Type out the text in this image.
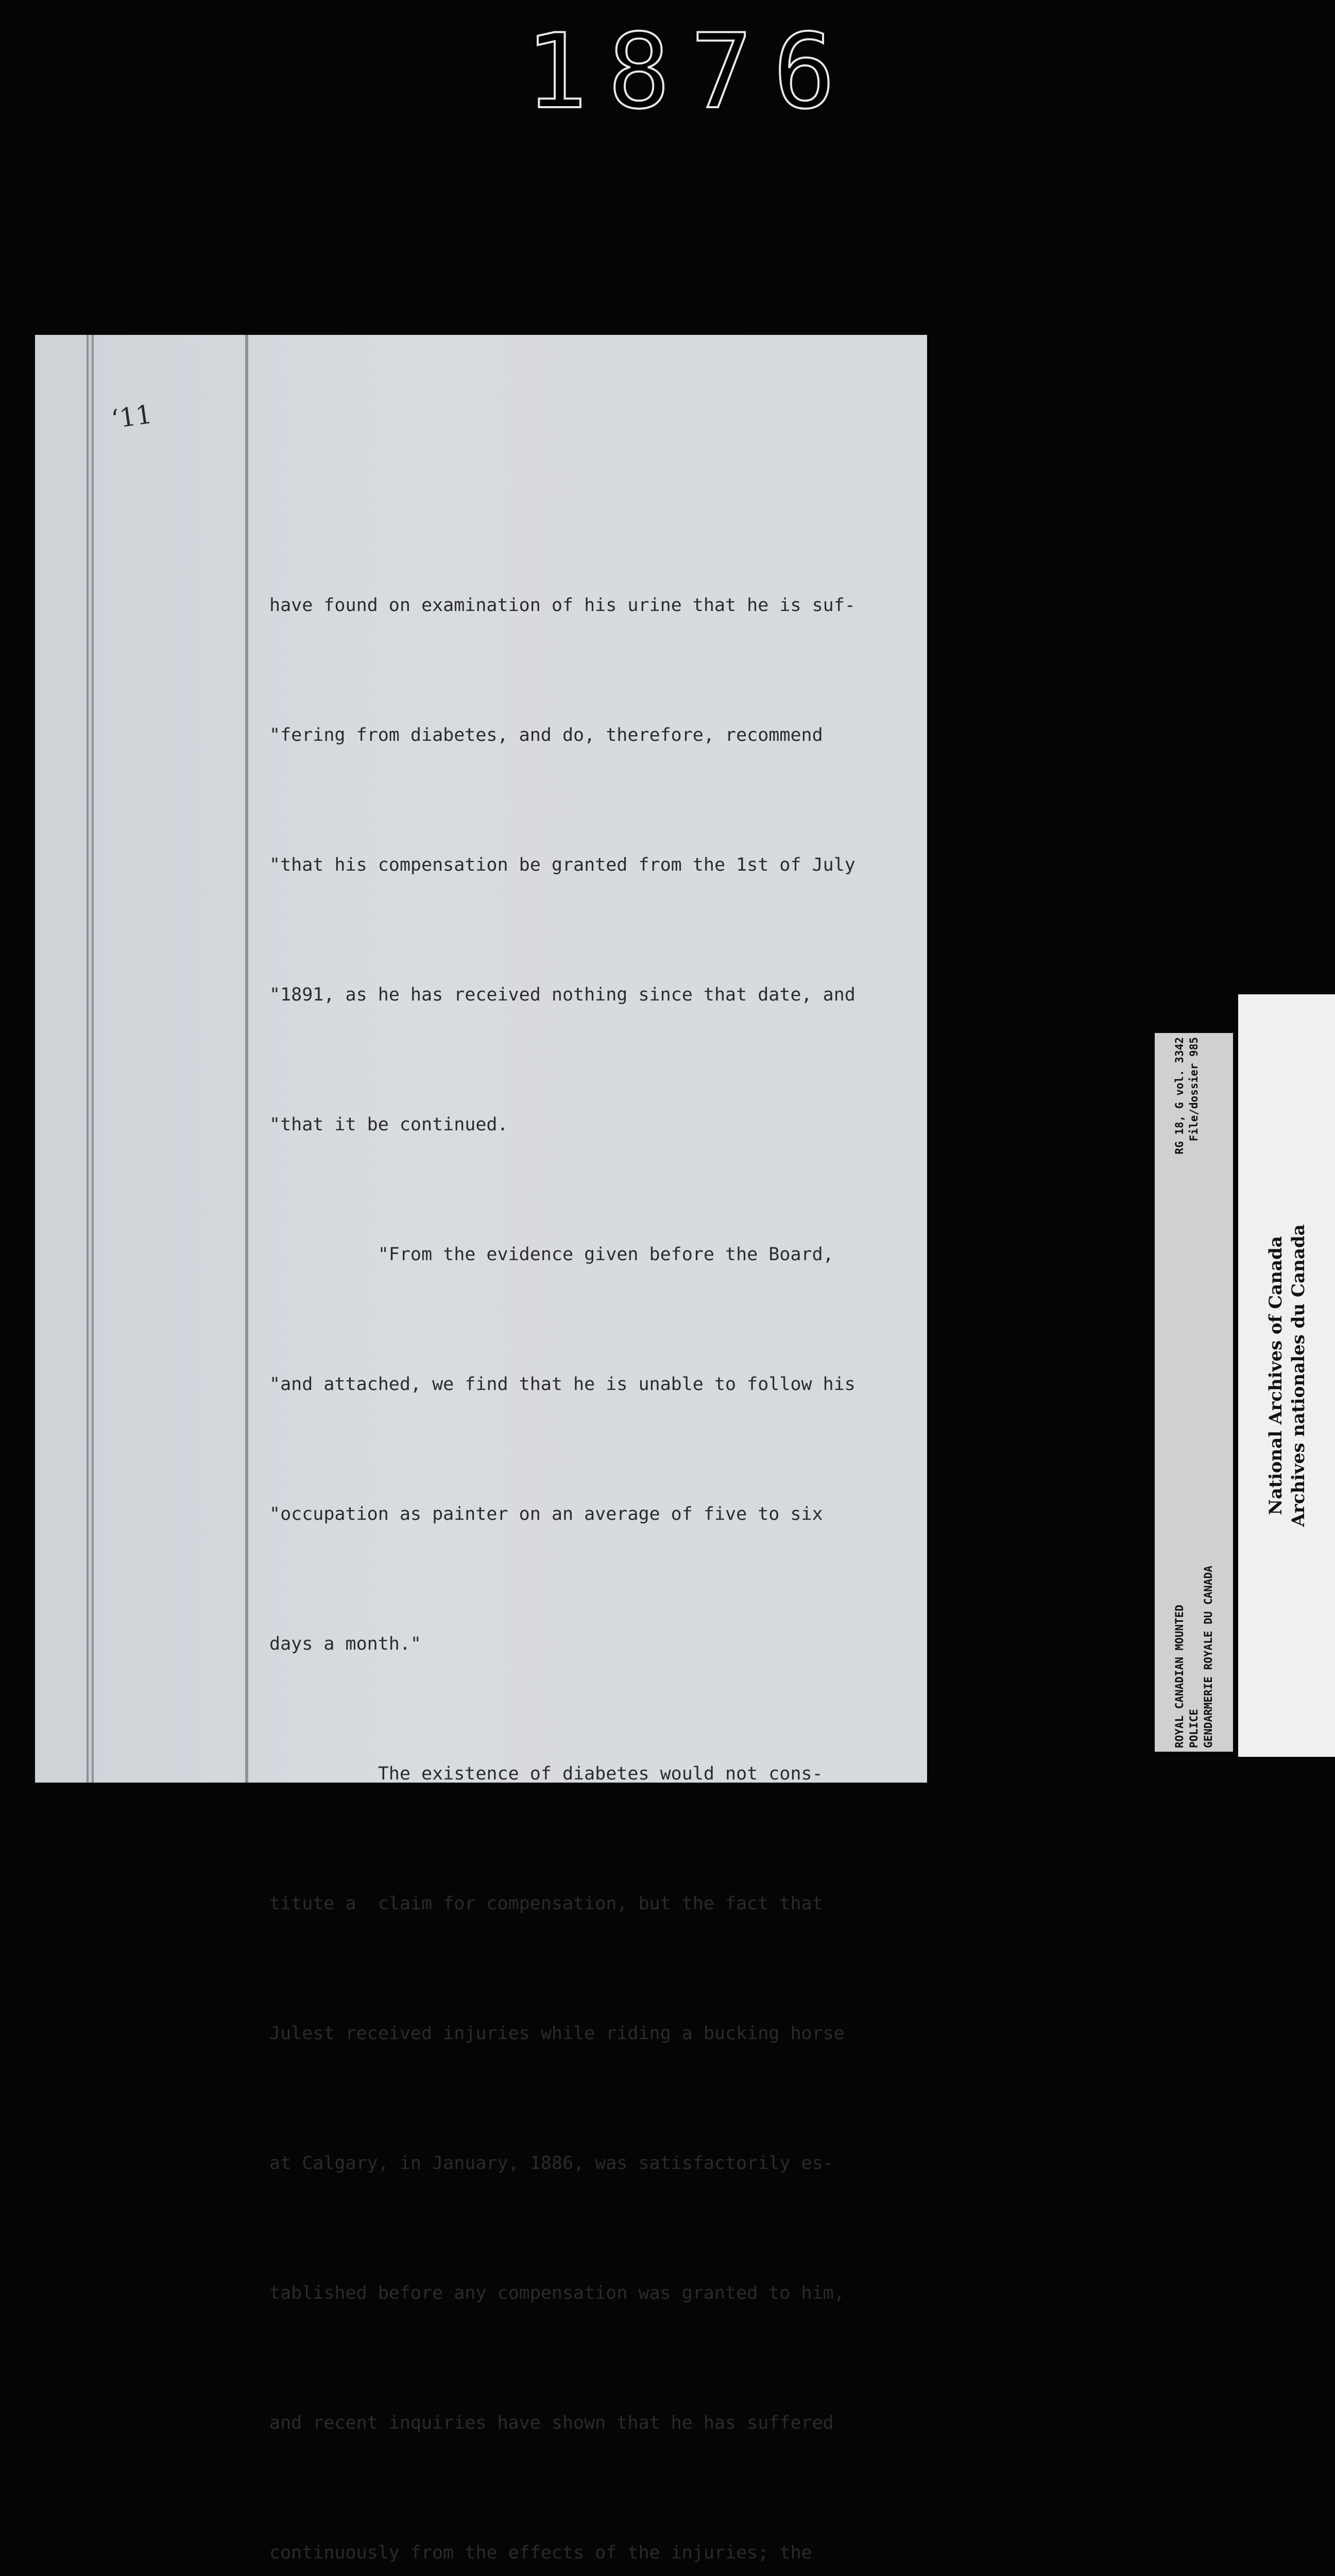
1876
‘11

have found on examination of his urine that he is suf-

"fering from diabetes, and do, therefore, recommend

"that his compensation be granted from the 1st of July

"1891, as he has received nothing since that date, and

"that it be continued.

"From the evidence given before the Board,

"and attached, we find that he is unable to follow his

"occupation as painter on an average of five to six

days a month."

The existence of diabetes would not cons-

titute a  claim for compensation, but the fact that

Julest received injuries while riding a bucking horse

at Calgary, in January, 1886, was satisfactorily es-

tablished before any compensation was granted to him,

and recent inquiries have shown that he has suffered

continuously from the effects of the injuries; the

ROYAL CANADIAN MOUNTED
RG 18, G vol. 3342
POLICE
File/dossier 985
GENDARMERIE ROYALE DU CANADA
National Archives of Canada Archives nationales du Canada
